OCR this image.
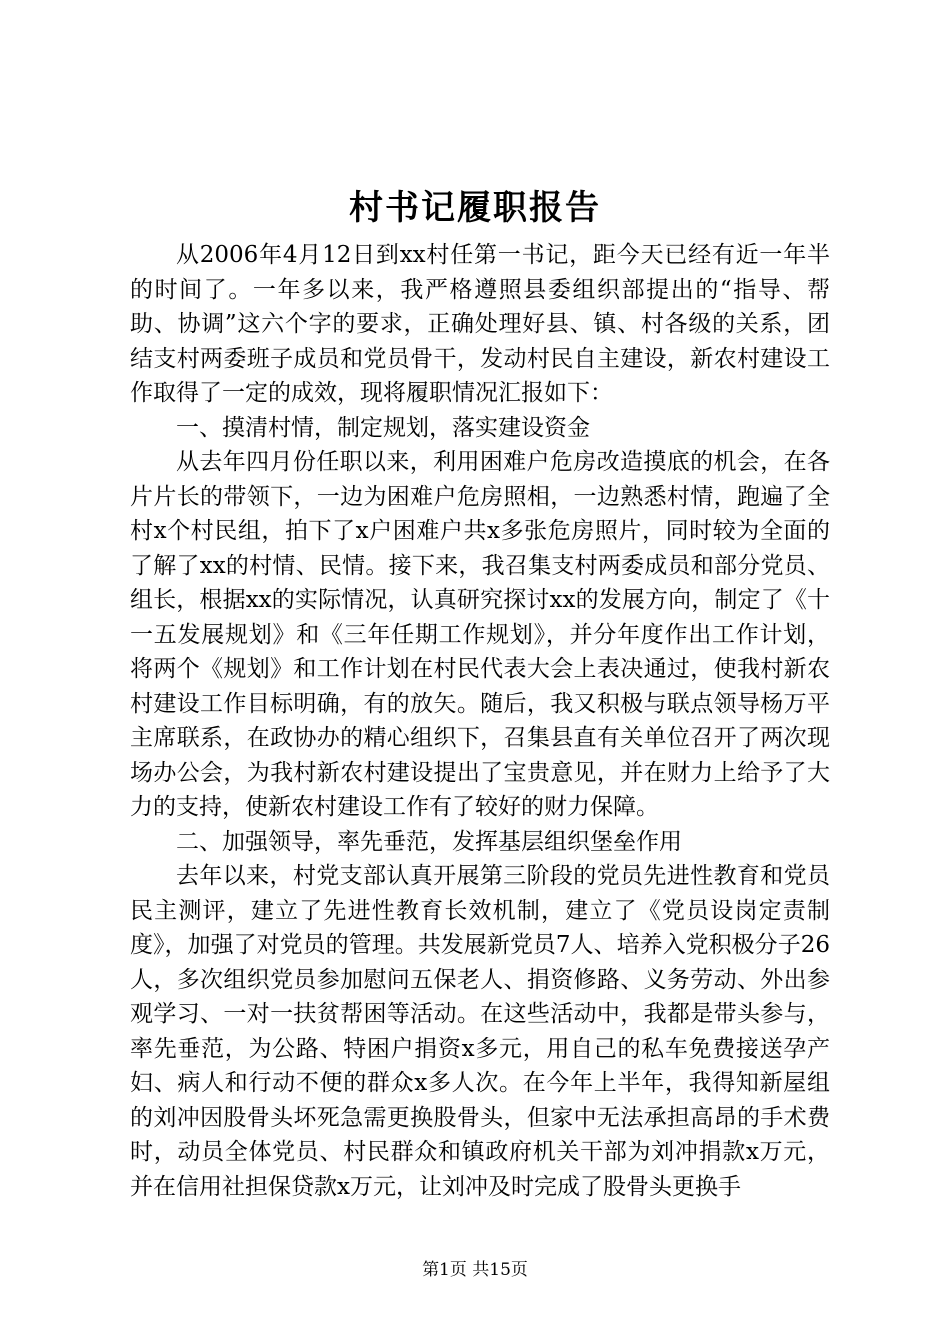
村书记履职报告

从2006年4月12日到xx村任第一书记，距今天已经有近一年半的时间了。一年多以来，我严格遵照县委组织部提出的“指导、帮助、协调”这六个字的要求，正确处理好县、镇、村各级的关系，团结支村两委班子成员和党员骨干，发动村民自主建设，新农村建设工作取得了一定的成效，现将履职情况汇报如下：

一、摸清村情，制定规划，落实建设资金

从去年四月份任职以来，利用困难户危房改造摸底的机会，在各片片长的带领下，一边为困难户危房照相，一边熟悉村情，跑遍了全村x个村民组，拍下了x户困难户共x多张危房照片，同时较为全面的了解了xx的村情、民情。接下来，我召集支村两委成员和部分党员、组长，根据xx的实际情况，认真研究探讨xx的发展方向，制定了《十一五发展规划》和《三年任期工作规划》，并分年度作出工作计划，将两个《规划》和工作计划在村民代表大会上表决通过，使我村新农村建设工作目标明确，有的放矢。随后，我又积极与联点领导杨万平主席联系，在政协办的精心组织下，召集县直有关单位召开了两次现场办公会，为我村新农村建设提出了宝贵意见，并在财力上给予了大力的支持，使新农村建设工作有了较好的财力保障。

二、加强领导，率先垂范，发挥基层组织堡垒作用

去年以来，村党支部认真开展第三阶段的党员先进性教育和党员民主测评，建立了先进性教育长效机制，建立了《党员设岗定责制度》，加强了对党员的管理。共发展新党员7人、培养入党积极分子26人，多次组织党员参加慰问五保老人、捐资修路、义务劳动、外出参观学习、一对一扶贫帮困等活动。在这些活动中，我都是带头参与，率先垂范，为公路、特困户捐资x多元，用自己的私车免费接送孕产妇、病人和行动不便的群众x多人次。在今年上半年，我得知新屋组的刘冲因股骨头坏死急需更换股骨头，但家中无法承担高昂的手术费时，动员全体党员、村民群众和镇政府机关干部为刘冲捐款x万元，并在信用社担保贷款x万元，让刘冲及时完成了股骨头更换手

第1页 共15页
